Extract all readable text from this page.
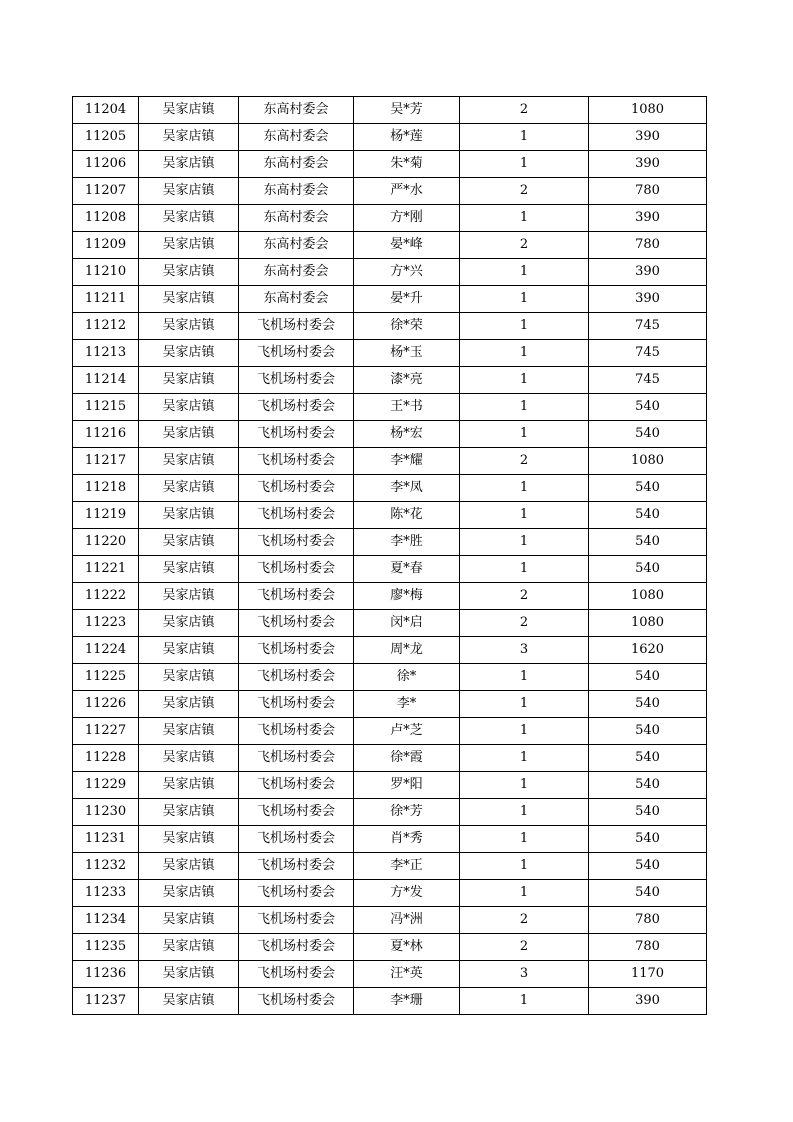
11204	吴家店镇	东高村委会	吴*芳	2	1080
11205	吴家店镇	东高村委会	杨*莲	1	390
11206	吴家店镇	东高村委会	朱*菊	1	390
11207	吴家店镇	东高村委会	严*水	2	780
11208	吴家店镇	东高村委会	方*刚	1	390
11209	吴家店镇	东高村委会	晏*峰	2	780
11210	吴家店镇	东高村委会	方*兴	1	390
11211	吴家店镇	东高村委会	晏*升	1	390
11212	吴家店镇	飞机场村委会	徐*荣	1	745
11213	吴家店镇	飞机场村委会	杨*玉	1	745
11214	吴家店镇	飞机场村委会	漆*亮	1	745
11215	吴家店镇	飞机场村委会	王*书	1	540
11216	吴家店镇	飞机场村委会	杨*宏	1	540
11217	吴家店镇	飞机场村委会	李*耀	2	1080
11218	吴家店镇	飞机场村委会	李*凤	1	540
11219	吴家店镇	飞机场村委会	陈*花	1	540
11220	吴家店镇	飞机场村委会	李*胜	1	540
11221	吴家店镇	飞机场村委会	夏*春	1	540
11222	吴家店镇	飞机场村委会	廖*梅	2	1080
11223	吴家店镇	飞机场村委会	闵*启	2	1080
11224	吴家店镇	飞机场村委会	周*龙	3	1620
11225	吴家店镇	飞机场村委会	徐*	1	540
11226	吴家店镇	飞机场村委会	李*	1	540
11227	吴家店镇	飞机场村委会	卢*芝	1	540
11228	吴家店镇	飞机场村委会	徐*霞	1	540
11229	吴家店镇	飞机场村委会	罗*阳	1	540
11230	吴家店镇	飞机场村委会	徐*芳	1	540
11231	吴家店镇	飞机场村委会	肖*秀	1	540
11232	吴家店镇	飞机场村委会	李*正	1	540
11233	吴家店镇	飞机场村委会	方*发	1	540
11234	吴家店镇	飞机场村委会	冯*洲	2	780
11235	吴家店镇	飞机场村委会	夏*林	2	780
11236	吴家店镇	飞机场村委会	汪*英	3	1170
11237	吴家店镇	飞机场村委会	李*珊	1	390
